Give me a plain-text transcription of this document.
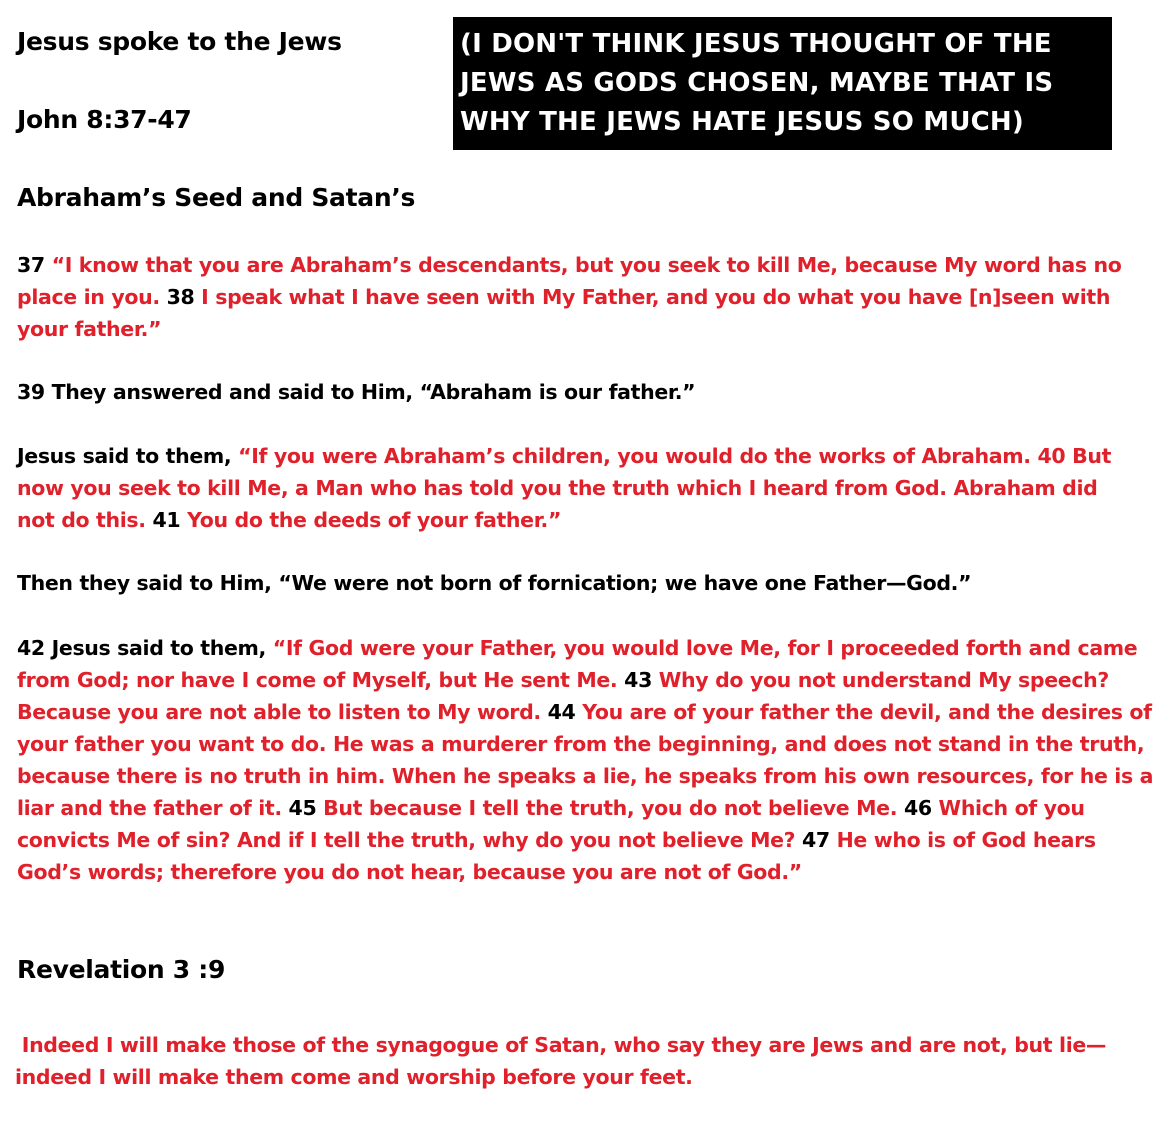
Jesus spoke to the Jews
John 8:37-47
(I DON'T THINK JESUS THOUGHT OF THE
JEWS AS GODS CHOSEN, MAYBE THAT IS
WHY THE JEWS HATE JESUS SO MUCH)
Abraham’s Seed and Satan’s
37 “I know that you are Abraham’s descendants, but you seek to kill Me, because My word has no
place in you. 38 I speak what I have seen with My Father, and you do what you have [n]seen with
your father.”
39 They answered and said to Him, “Abraham is our father.”
Jesus said to them, “If you were Abraham’s children, you would do the works of Abraham. 40 But
now you seek to kill Me, a Man who has told you the truth which I heard from God. Abraham did
not do this. 41 You do the deeds of your father.”
Then they said to Him, “We were not born of fornication; we have one Father—God.”
42 Jesus said to them, “If God were your Father, you would love Me, for I proceeded forth and came
from God; nor have I come of Myself, but He sent Me. 43 Why do you not understand My speech?
Because you are not able to listen to My word. 44 You are of your father the devil, and the desires of
your father you want to do. He was a murderer from the beginning, and does not stand in the truth,
because there is no truth in him. When he speaks a lie, he speaks from his own resources, for he is a
liar and the father of it. 45 But because I tell the truth, you do not believe Me. 46 Which of you
convicts Me of sin? And if I tell the truth, why do you not believe Me? 47 He who is of God hears
God’s words; therefore you do not hear, because you are not of God.”
Revelation 3 :9
Indeed I will make those of the synagogue of Satan, who say they are Jews and are not, but lie—
indeed I will make them come and worship before your feet.
